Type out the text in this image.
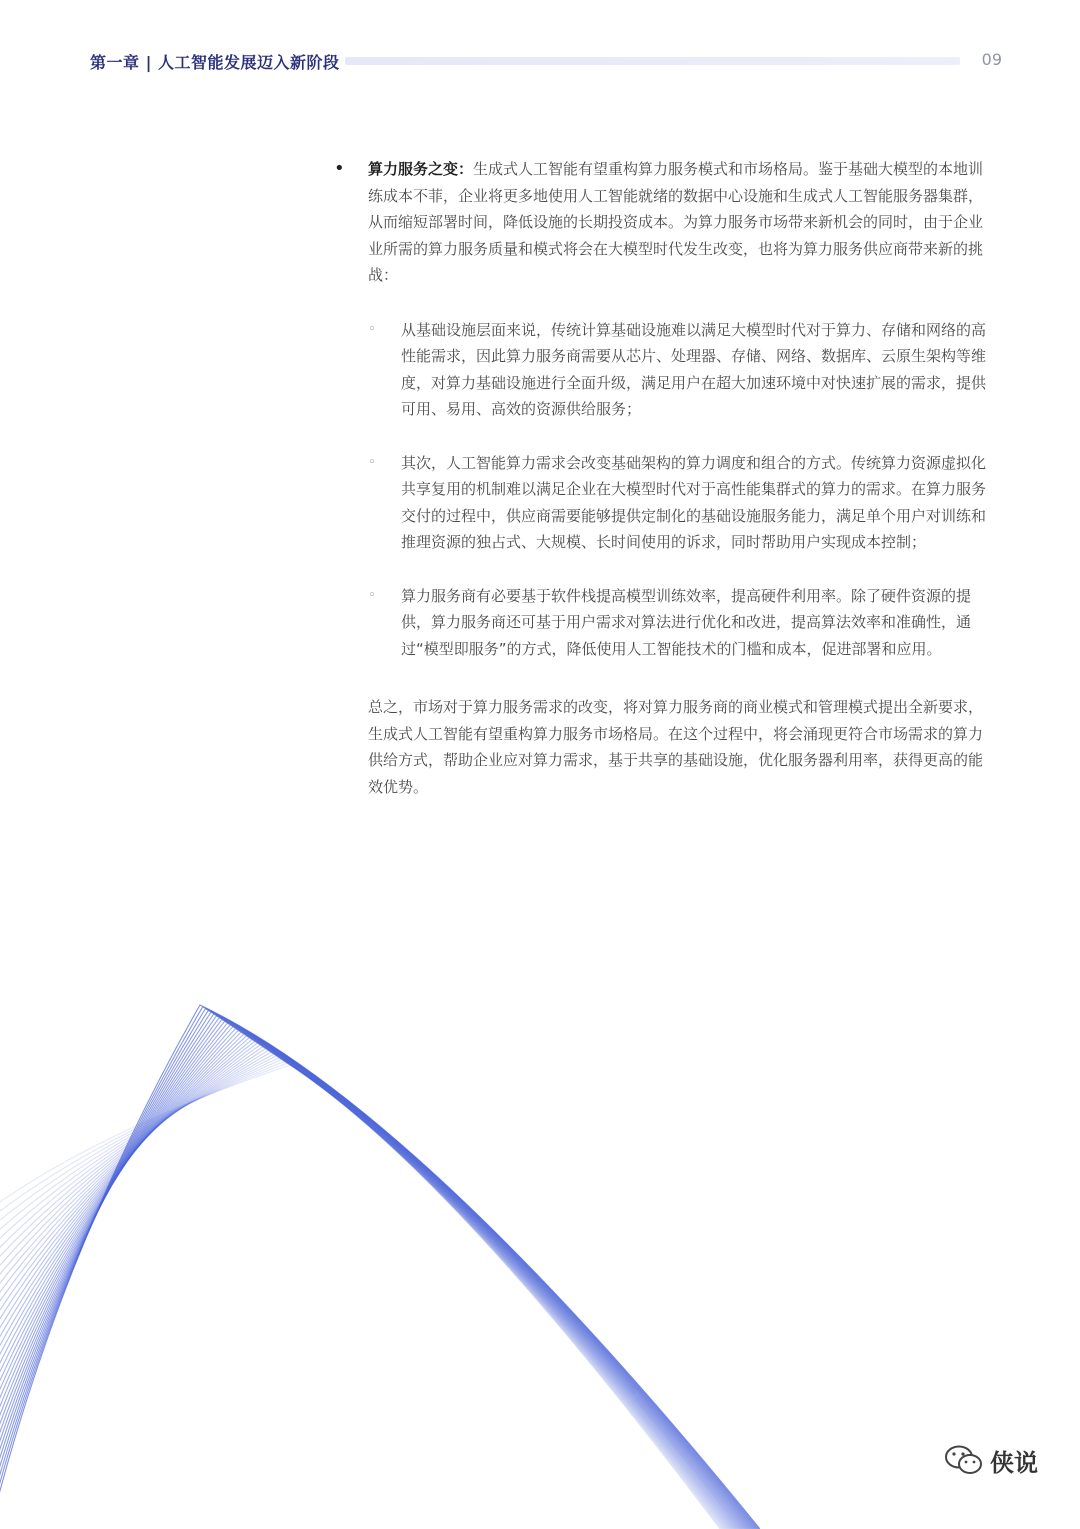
第一章 | 人工智能发展迈入新阶段	09

• 算力服务之变：生成式人工智能有望重构算力服务模式和市场格局。鉴于基础大模型的本地训练成本不菲，企业将更多地使用人工智能就绪的数据中心设施和生成式人工智能服务器集群，从而缩短部署时间，降低设施的长期投资成本。为算力服务市场带来新机会的同时，由于企业业所需的算力服务质量和模式将会在大模型时代发生改变，也将为算力服务供应商带来新的挑战：

◦ 从基础设施层面来说，传统计算基础设施难以满足大模型时代对于算力、存储和网络的高性能需求，因此算力服务商需要从芯片、处理器、存储、网络、数据库、云原生架构等维度，对算力基础设施进行全面升级，满足用户在超大加速环境中对快速扩展的需求，提供可用、易用、高效的资源供给服务；
◦ 其次，人工智能算力需求会改变基础架构的算力调度和组合的方式。传统算力资源虚拟化共享复用的机制难以满足企业在大模型时代对于高性能集群式的算力的需求。在算力服务交付的过程中，供应商需要能够提供定制化的基础设施服务能力，满足单个用户对训练和推理资源的独占式、大规模、长时间使用的诉求，同时帮助用户实现成本控制；
◦ 算力服务商有必要基于软件栈提高模型训练效率，提高硬件利用率。除了硬件资源的提供，算力服务商还可基于用户需求对算法进行优化和改进，提高算法效率和准确性，通过“模型即服务”的方式，降低使用人工智能技术的门槛和成本，促进部署和应用。

总之，市场对于算力服务需求的改变，将对算力服务商的商业模式和管理模式提出全新要求，生成式人工智能有望重构算力服务市场格局。在这个过程中，将会涌现更符合市场需求的算力供给方式，帮助企业应对算力需求，基于共享的基础设施，优化服务器利用率，获得更高的能效优势。

侠说
